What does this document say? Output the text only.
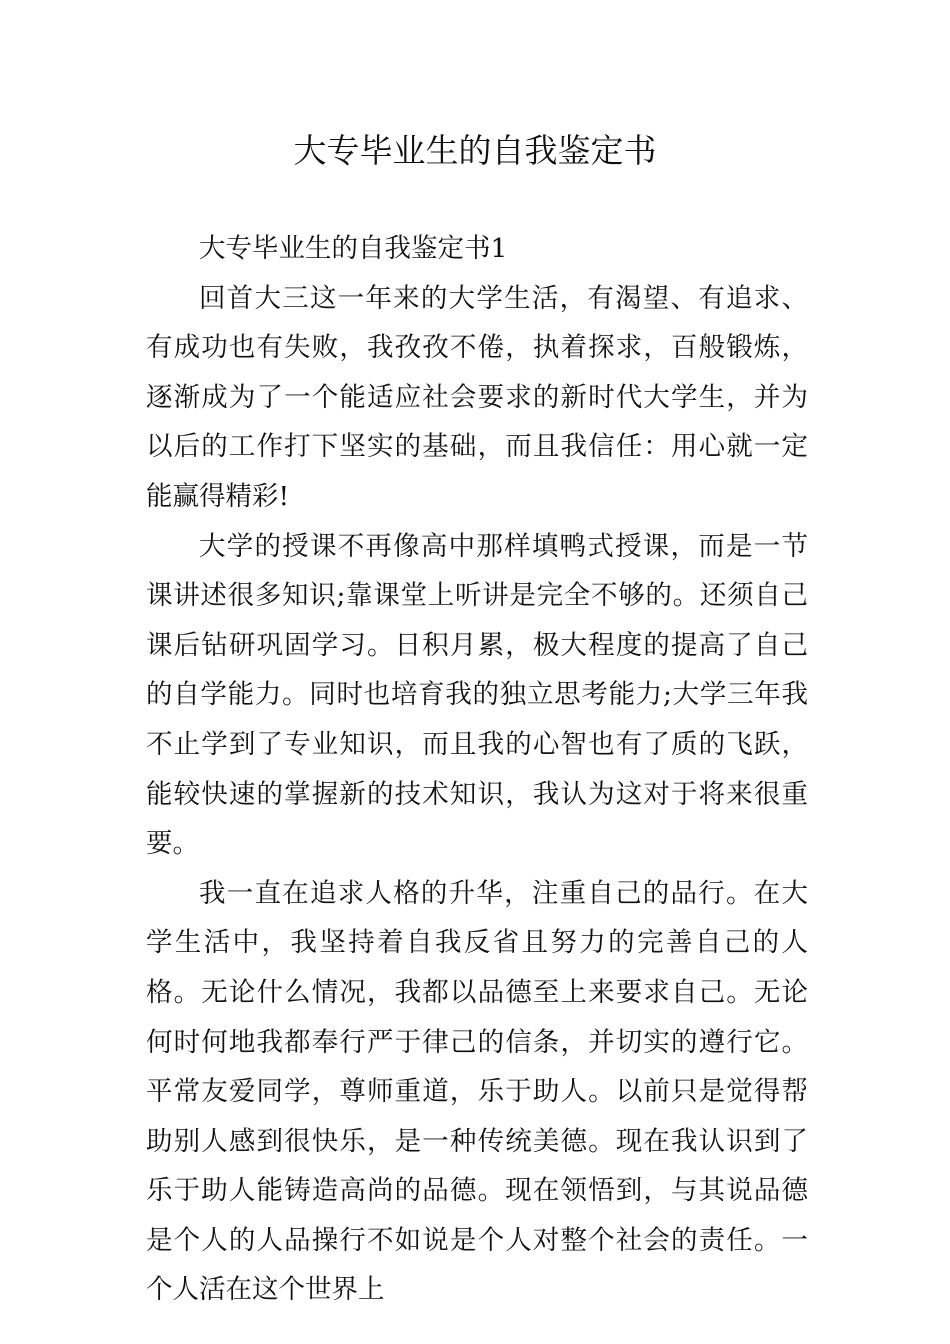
大专毕业生的自我鉴定书

大专毕业生的自我鉴定书1

回首大三这一年来的大学生活，有渴望、有追求、有成功也有失败，我孜孜不倦，执着探求，百般锻炼，逐渐成为了一个能适应社会要求的新时代大学生，并为以后的工作打下坚实的基础，而且我信任：用心就一定能赢得精彩!

大学的授课不再像高中那样填鸭式授课，而是一节课讲述很多知识;靠课堂上听讲是完全不够的。还须自己课后钻研巩固学习。日积月累，极大程度的提高了自己的自学能力。同时也培育我的独立思考能力;大学三年我不止学到了专业知识，而且我的心智也有了质的飞跃，能较快速的掌握新的技术知识，我认为这对于将来很重要。

我一直在追求人格的升华，注重自己的品行。在大学生活中，我坚持着自我反省且努力的完善自己的人格。无论什么情况，我都以品德至上来要求自己。无论何时何地我都奉行严于律己的信条，并切实的遵行它。平常友爱同学，尊师重道，乐于助人。以前只是觉得帮助别人感到很快乐，是一种传统美德。现在我认识到了乐于助人能铸造高尚的品德。现在领悟到，与其说品德是个人的人品操行不如说是个人对整个社会的责任。一个人活在这个世界上
